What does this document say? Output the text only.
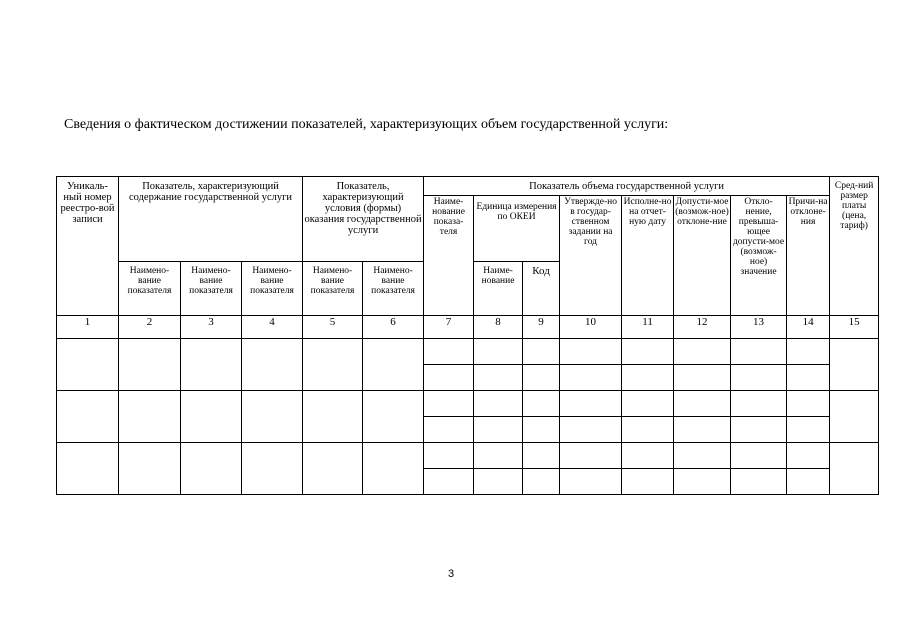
Сведения о фактическом достижении показателей, характеризующих объем государственной услуги:
Уникаль-ный номер реестро-вой записи	Показатель, характеризующий содержание государственной услуги			Показатель, характеризующий условия (формы) оказания государственной услуги		Показатель объема государственной услуги								Сред-ний размер платы (цена, тариф)
						Наиме-нование показа-теля	Единица измерения по ОКЕИ		Утвержде-но в государ-ственном задании на год	Исполне-но на отчет-ную дату	Допусти-мое (возмож-ное) отклоне-ние	Откло-нение, превыша-ющее допусти-мое (возмож-ное) значение	Причи-на отклоне-ния	
	Наимено-вание показателя	Наимено-вание показателя	Наимено-вание показателя	Наимено-вание показателя	Наимено-вание показателя		Наиме-нование	Код						
1	2	3	4	5	6	7	8	9	10	11	12	13	14	15

3
